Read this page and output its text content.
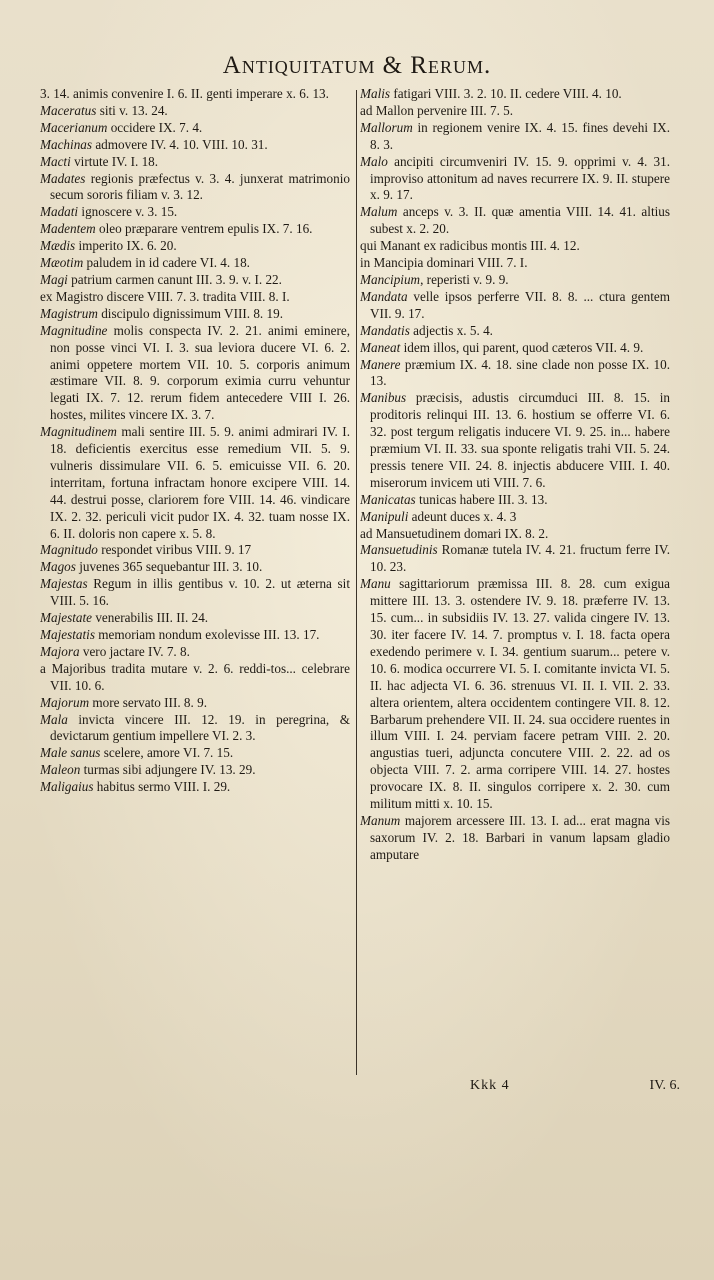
Antiquitatum & Rerum.

3. 14. animis convenire I. 6. II. genti imperare x. 6. 13.

Maceratus siti v. 13. 24.

Macerianum occidere IX. 7. 4.

Machinas admovere IV. 4. 10. VIII. 10. 31.

Macti virtute IV. I. 18.

Madates regionis præfectus v. 3. 4. junxerat matrimonio secum sororis filiam v. 3. 12.

Madati ignoscere v. 3. 15.

Madentem oleo præparare ventrem epulis IX. 7. 16.

Mædis imperito IX. 6. 20.

Mæotim paludem in id cadere VI. 4. 18.

Magi patrium carmen canunt III. 3. 9. v. I. 22.

ex Magistro discere VIII. 7. 3. tradita VIII. 8. I.

Magistrum discipulo dignissimum VIII. 8. 19.

Magnitudine molis conspecta IV. 2. 21. animi eminere, non posse vinci VI. I. 3. sua leviora ducere VI. 6. 2. animi oppetere mortem VII. 10. 5. corporis animum æstimare VII. 8. 9. corporum eximia curru vehuntur legati IX. 7. 12. rerum fidem antecedere VIII I. 26. hostes, milites vincere IX. 3. 7.

Magnitudinem mali sentire III. 5. 9. animi admirari IV. I. 18. deficientis exercitus esse remedium VII. 5. 9. vulneris dissimulare VII. 6. 5. emicuisse VII. 6. 20. interritam, fortuna infractam honore excipere VIII. 14. 44. destrui posse, clariorem fore VIII. 14. 46. vindicare IX. 2. 32. periculi vicit pudor IX. 4. 32. tuam nosse IX. 6. II. doloris non capere x. 5. 8.

Magnitudo respondet viribus VIII. 9. 17

Magos juvenes 365 sequebantur III. 3. 10.

Majestas Regum in illis gentibus v. 10. 2. ut æterna sit VIII. 5. 16.

Majestate venerabilis III. II. 24.

Majestatis memoriam nondum exolevisse III. 13. 17.

Majora vero jactare IV. 7. 8.

a Majoribus tradita mutare v. 2. 6. reddi-tos... celebrare VII. 10. 6.

Majorum more servato III. 8. 9.

Mala invicta vincere III. 12. 19. in peregrina, & devictarum gentium impellere VI. 2. 3.

Male sanus scelere, amore VI. 7. 15.

Maleon turmas sibi adjungere IV. 13. 29.

Maligaius habitus sermo VIII. I. 29.

Malis fatigari VIII. 3. 2. 10. II. cedere VIII. 4. 10.

ad Mallon pervenire III. 7. 5.

Mallorum in regionem venire IX. 4. 15. fines devehi IX. 8. 3.

Malo ancipiti circumveniri IV. 15. 9. opprimi v. 4. 31. improviso attonitum ad naves recurrere IX. 9. II. stupere x. 9. 17.

Malum anceps v. 3. II. quæ amentia VIII. 14. 41. altius subest x. 2. 20.

qui Manant ex radicibus montis III. 4. 12.

in Mancipia dominari VIII. 7. I.

Mancipium, reperisti v. 9. 9.

Mandata velle ipsos perferre VII. 8. 8. ... ctura gentem VII. 9. 17.

Mandatis adjectis x. 5. 4.

Maneat idem illos, qui parent, quod cæteros VII. 4. 9.

Manere præmium IX. 4. 18. sine clade non posse IX. 10. 13.

Manibus præcisis, adustis circumduci III. 8. 15. in proditoris relinqui III. 13. 6. hostium se offerre VI. 6. 32. post tergum religatis inducere VI. 9. 25. in... habere præmium VI. II. 33. sua sponte religatis trahi VII. 5. 24. pressis tenere VII. 24. 8. injectis abducere VIII. I. 40. miserorum invicem uti VIII. 7. 6.

Manicatas tunicas habere III. 3. 13.

Manipuli adeunt duces x. 4. 3

ad Mansuetudinem domari IX. 8. 2.

Mansuetudinis Romanæ tutela IV. 4. 21. fructum ferre IV. 10. 23.

Manu sagittariorum præmissa III. 8. 28. cum exigua mittere III. 13. 3. ostendere IV. 9. 18. præferre IV. 13. 15. cum... in subsidiis IV. 13. 27. valida cingere IV. 13. 30. iter facere IV. 14. 7. promptus v. I. 18. facta opera exedendo perimere v. I. 34. gentium suarum... petere v. 10. 6. modica occurrere VI. 5. I. comitante invicta VI. 5. II. hac adjecta VI. 6. 36. strenuus VI. II. I. VII. 2. 33. altera orientem, altera occidentem contingere VII. 8. 12. Barbarum prehendere VII. II. 24. sua occidere ruentes in illum VIII. I. 24. perviam facere petram VIII. 2. 20. angustias tueri, adjuncta concutere VIII. 2. 22. ad os objecta VIII. 7. 2. arma corripere VIII. 14. 27. hostes provocare IX. 8. II. singulos corripere x. 2. 30. cum militum mitti x. 10. 15.

Manum majorem arcessere III. 13. I. ad... erat magna vis saxorum IV. 2. 18. Barbari in vanum lapsam gladio amputare

Kkk 4	IV. 6.
